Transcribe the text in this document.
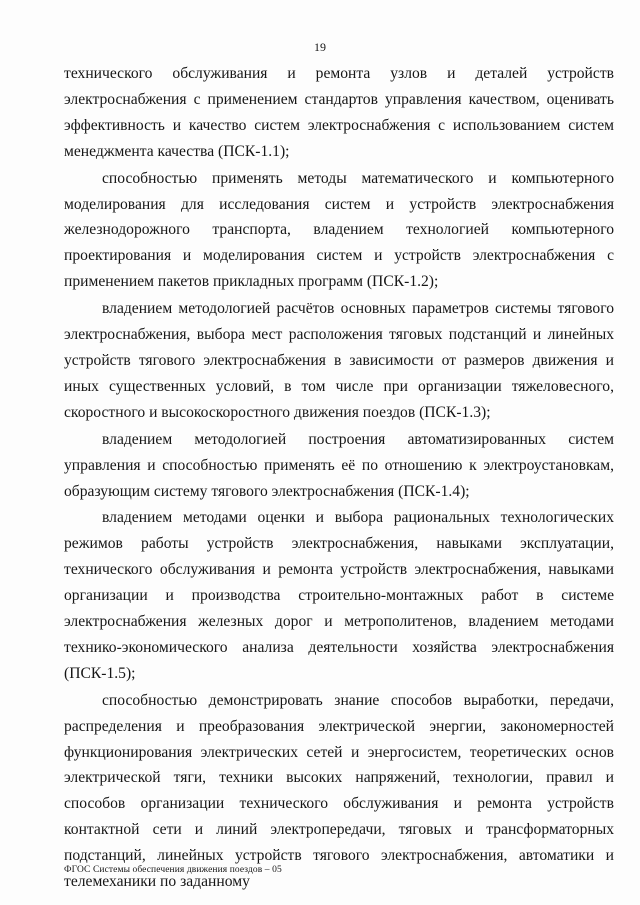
19

технического обслуживания и ремонта узлов и деталей устройств электроснабжения с применением стандартов управления качеством, оценивать эффективность и качество систем электроснабжения с использованием систем менеджмента качества (ПСК-1.1);

способностью применять методы математического и компьютерного моделирования для исследования систем и устройств электроснабжения железнодорожного транспорта, владением технологией компьютерного проектирования и моделирования систем и устройств электроснабжения с применением пакетов прикладных программ (ПСК-1.2);

владением методологией расчётов основных параметров системы тягового электроснабжения, выбора мест расположения тяговых подстанций и линейных устройств тягового электроснабжения в зависимости от размеров движения и иных существенных условий, в том числе при организации тяжеловесного, скоростного и высокоскоростного движения поездов (ПСК-1.3);

владением методологией построения автоматизированных систем управления и способностью применять её по отношению к электроустановкам, образующим систему тягового электроснабжения (ПСК-1.4);

владением методами оценки и выбора рациональных технологических режимов работы устройств электроснабжения, навыками эксплуатации, технического обслуживания и ремонта устройств электроснабжения, навыками организации и производства строительно-монтажных работ в системе электроснабжения железных дорог и метрополитенов, владением методами технико-экономического анализа деятельности хозяйства электроснабжения (ПСК-1.5);

способностью демонстрировать знание способов выработки, передачи, распределения и преобразования электрической энергии, закономерностей функционирования электрических сетей и энергосистем, теоретических основ электрической тяги, техники высоких напряжений, технологии, правил и способов организации технического обслуживания и ремонта устройств контактной сети и линий электропередачи, тяговых и трансформаторных подстанций, линейных устройств тягового электроснабжения, автоматики и телемеханики по заданному

ФГОС Системы обеспечения движения поездов – 05
